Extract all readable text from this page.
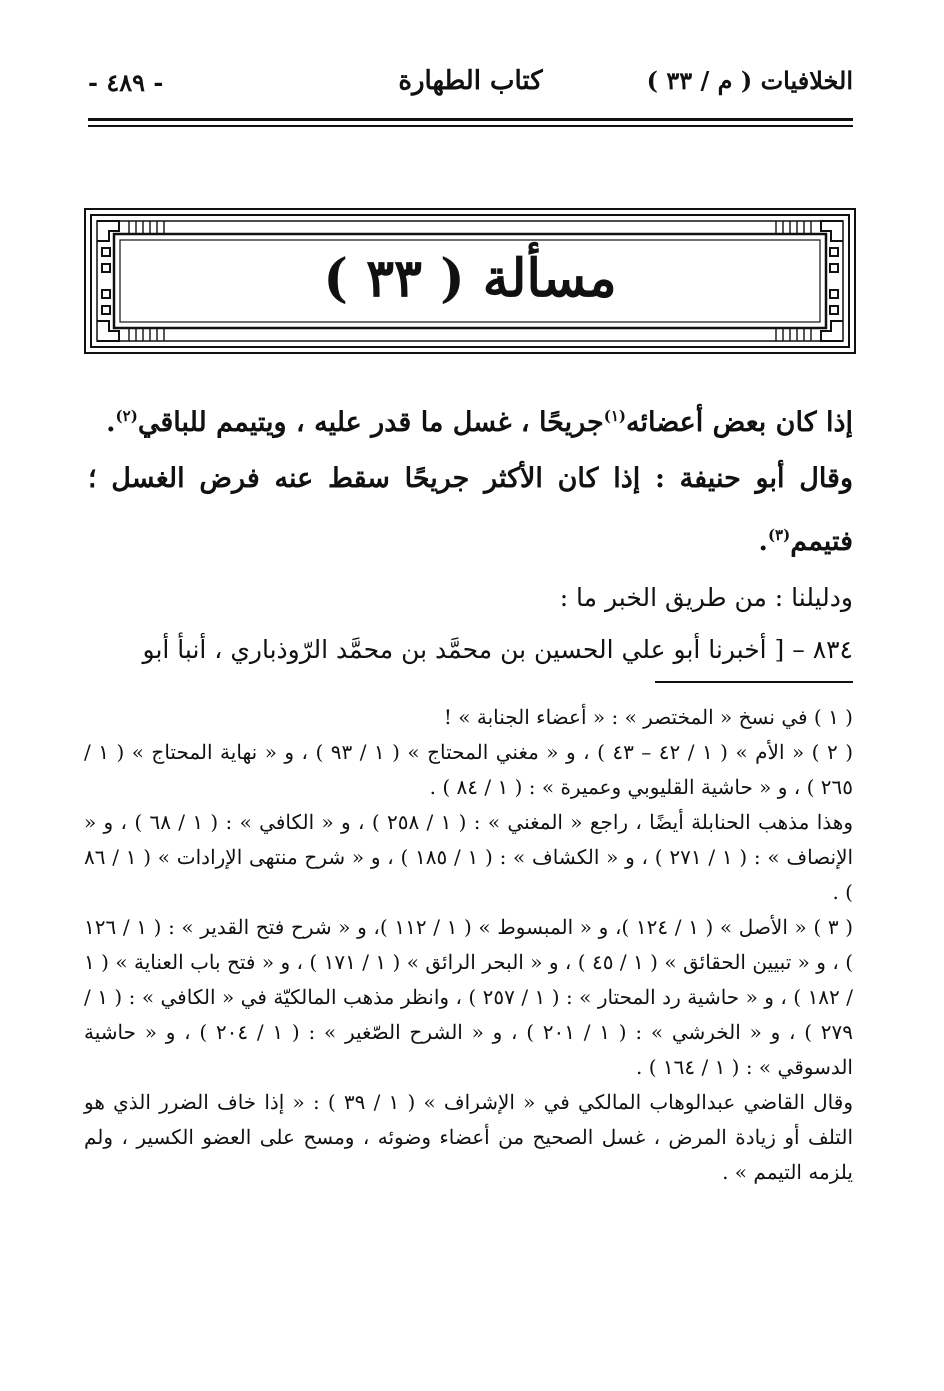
- ٤٨٩ -	كتاب الطهارة	الخلافيات ( م / ٣٣ )
مسألة ( ٣٣ )
إذا كان بعض أعضائه$^{(١)}$جريحًا ، غسل ما قدر عليه ، ويتيمم للباقي$^{(٢)}$.
وقال أبو حنيفة : إذا كان الأكثر جريحًا سقط عنه فرض الغسل ؛ فتيمم$^{(٣)}$.
ودليلنا : من طريق الخبر ما :
٨٣٤ – [ أخبرنا أبو علي الحسين بن محمَّد بن محمَّد الرّوذباري ، أنبأ أبو

( ١ ) في نسخ « المختصر » : « أعضاء الجنابة » !

( ٢ ) « الأم » ( ١ / ٤٢ – ٤٣ ) ، و « مغني المحتاج » ( ١ / ٩٣ ) ، و « نهاية المحتاج » ( ١ / ٢٦٥ ) ، و « حاشية القليوبي وعميرة » : ( ١ / ٨٤ ) .

وهذا مذهب الحنابلة أيضًا ، راجع « المغني » : ( ١ / ٢٥٨ ) ، و « الكافي » : ( ١ / ٦٨ ) ، و « الإنصاف » : ( ١ / ٢٧١ ) ، و « الكشاف » : ( ١ / ١٨٥ ) ، و « شرح منتهى الإرادات » ( ١ / ٨٦ ) .

( ٣ ) « الأصل » ( ١ / ١٢٤ )، و « المبسوط » ( ١ / ١١٢ )، و « شرح فتح القدير » : ( ١ / ١٢٦ ) ، و « تبيين الحقائق » ( ١ / ٤٥ ) ، و « البحر الرائق » ( ١ / ١٧١ ) ، و « فتح باب العناية » ( ١ / ١٨٢ ) ، و « حاشية رد المحتار » : ( ١ / ٢٥٧ ) ، وانظر مذهب المالكيّة في « الكافي » : ( ١ / ٢٧٩ ) ، و « الخرشي » : ( ١ / ٢٠١ ) ، و « الشرح الصّغير » : ( ١ / ٢٠٤ ) ، و « حاشية الدسوقي » : ( ١ / ١٦٤ ) .

وقال القاضي عبدالوهاب المالكي في « الإشراف » ( ١ / ٣٩ ) : « إذا خاف الضرر الذي هو التلف أو زيادة المرض ، غسل الصحيح من أعضاء وضوئه ، ومسح على العضو الكسير ، ولم يلزمه التيمم » .
